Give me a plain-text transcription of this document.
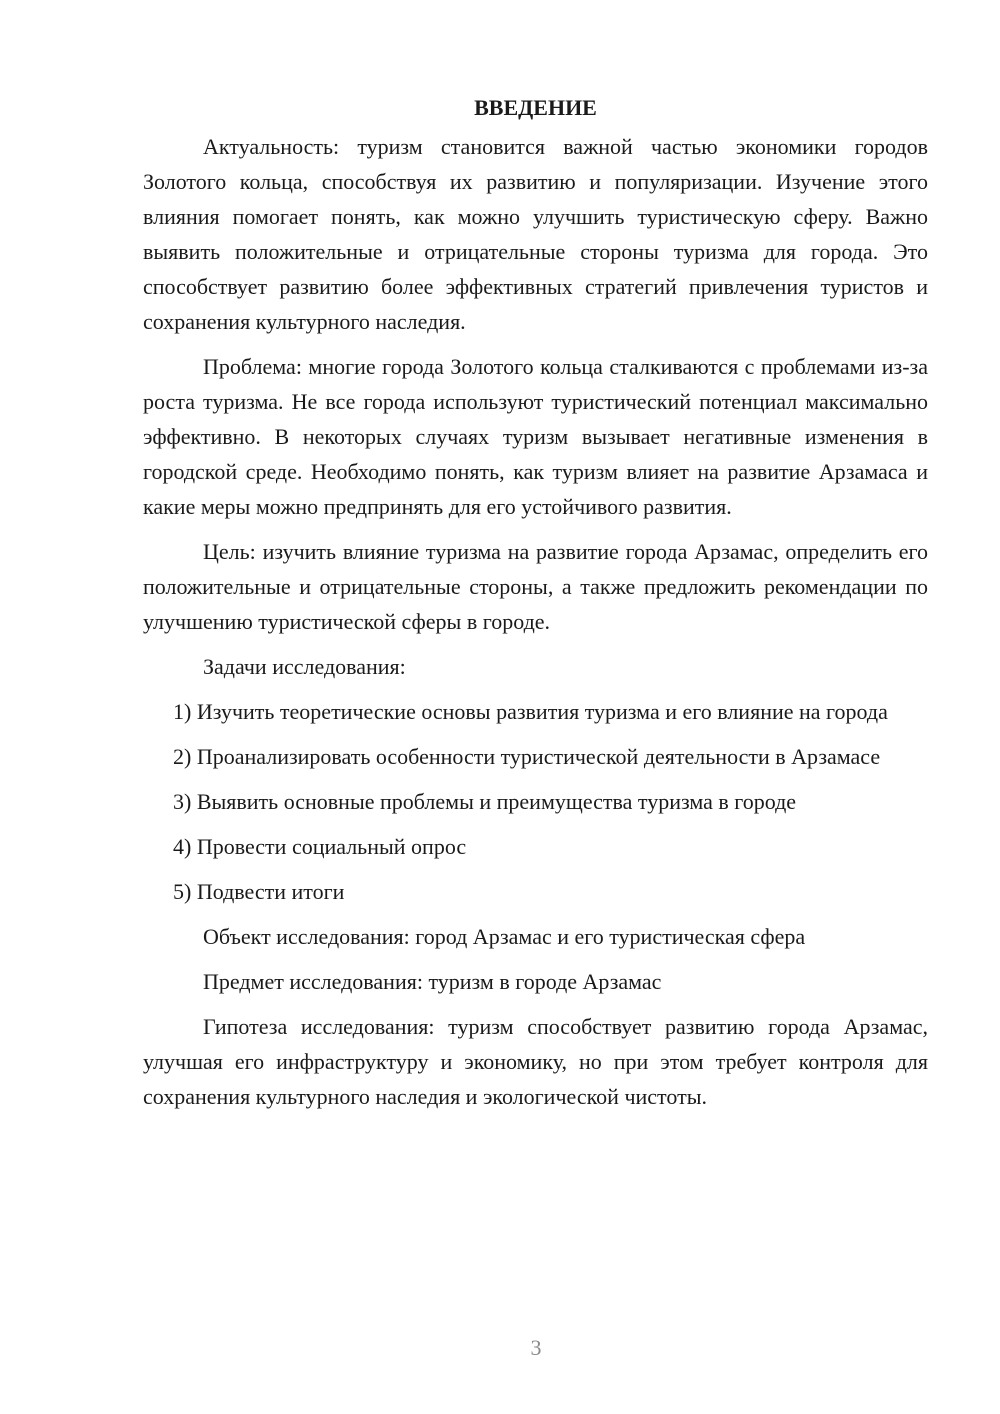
ВВЕДЕНИЕ

Актуальность: туризм становится важной частью экономики городов Золотого кольца, способствуя их развитию и популяризации. Изучение этого влияния помогает понять, как можно улучшить туристическую сферу. Важно выявить положительные и отрицательные стороны туризма для города. Это способствует развитию более эффективных стратегий привлечения туристов и сохранения культурного наследия.

Проблема: многие города Золотого кольца сталкиваются с проблемами из-за роста туризма. Не все города используют туристический потенциал максимально эффективно. В некоторых случаях туризм вызывает негативные изменения в городской среде. Необходимо понять, как туризм влияет на развитие Арзамаса и какие меры можно предпринять для его устойчивого развития.

Цель: изучить влияние туризма на развитие города Арзамас, определить его положительные и отрицательные стороны, а также предложить рекомендации по улучшению туристической сферы в городе.

Задачи исследования:

1) Изучить теоретические основы развития туризма и его влияние на города

2) Проанализировать особенности туристической деятельности в Арзамасе

3) Выявить основные проблемы и преимущества туризма в городе

4) Провести социальный опрос

5) Подвести итоги

Объект исследования: город Арзамас и его туристическая сфера

Предмет исследования: туризм в городе Арзамас

Гипотеза исследования: туризм способствует развитию города Арзамас, улучшая его инфраструктуру и экономику, но при этом требует контроля для сохранения культурного наследия и экологической чистоты.

3
